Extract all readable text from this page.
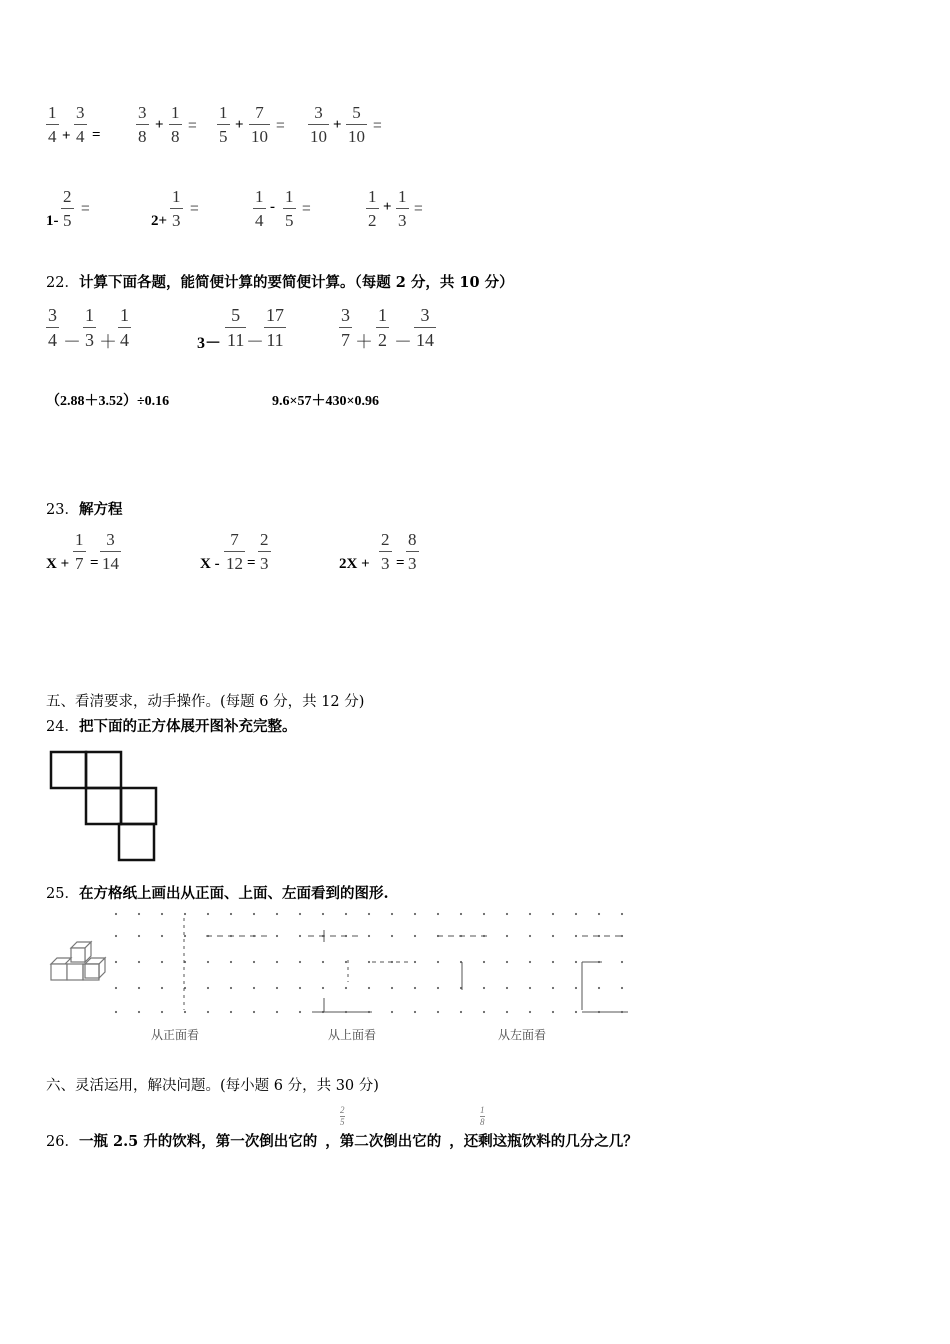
1
4 +
3
4 =
3
8
+
1
8
=
1
5
+
7
10
=
3
10
+
5
10
=
1-
2
5
=
2+
1
3
=
1
4
-
1
5
=
1
2
+
1
3
=
22．计算下面各题，能简便计算的要简便计算。（每题 2 分，共 10 分）
3
4 －
1
3 ＋
1
4	3－
5
11 －
17
11
3
7 ＋
1
2 －
3
14
（2.88＋3.52）÷0.16	9.6×57＋430×0.96
23．解方程
X +
1
7 =
3
14	X -
7
12 =
2
3	2X +
2
3 =
8
3
五、看清要求，动手操作。(每题 6 分，共 12 分)
24．把下面的正方体展开图补充完整。
25．在方格纸上画出从正面、上面、左面看到的图形.
从正面看	从上面看	从左面看
六、灵活运用，解决问题。(每小题 6 分，共 30 分)
26．一瓶 2.5 升的饮料，第一次倒出它的 ，第二次倒出它的 ，还剩这瓶饮料的几分之几？
2
5
1
8
